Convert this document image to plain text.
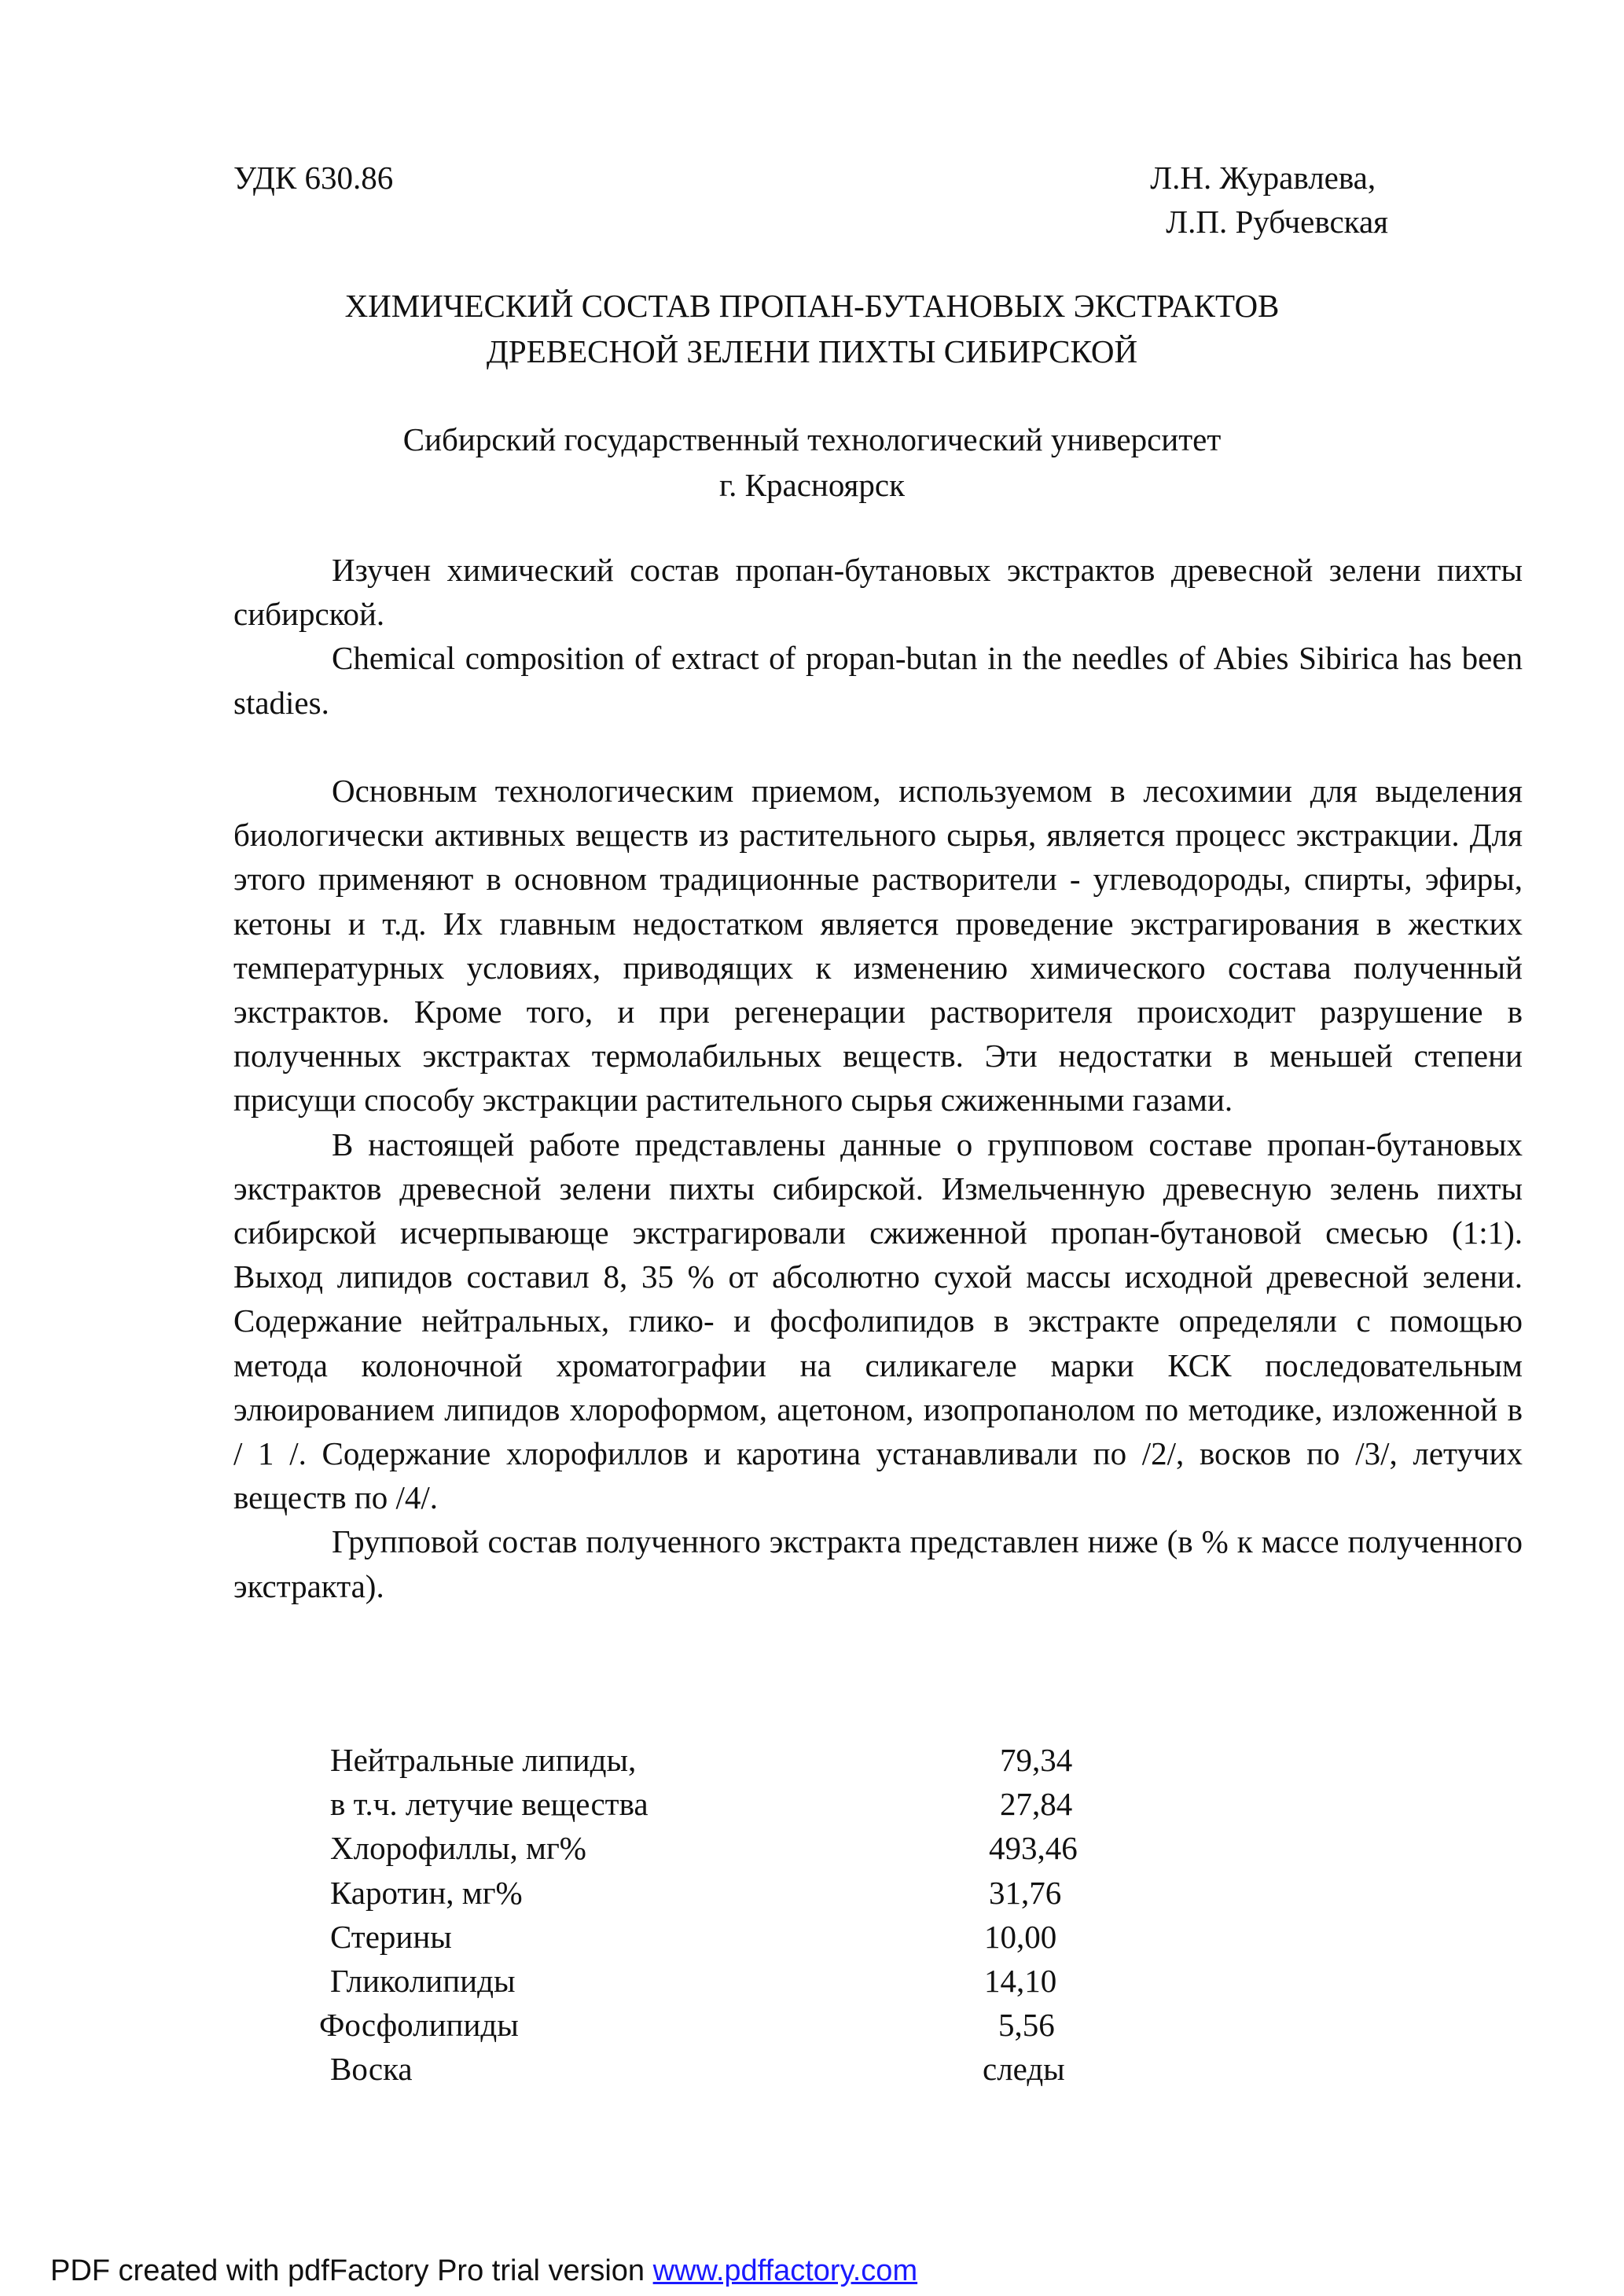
УДК 630.86	Л.Н. Журавлева,
Л.П. Рубчевская
ХИМИЧЕСКИЙ СОСТАВ ПРОПАН-БУТАНОВЫХ ЭКСТРАКТОВ
ДРЕВЕСНОЙ ЗЕЛЕНИ ПИХТЫ СИБИРСКОЙ
Сибирский государственный технологический университет
г. Красноярск

Изучен химический состав пропан-бутановых экстрактов древесной зелени пихты сибирской.

Chemical composition of extract of propan-butan in the needles of Abies Sibirica has been stadies.

Основным технологическим приемом, используемом в лесохимии для выделения биологически активных веществ из растительного сырья, является процесс экстракции. Для этого применяют в основном традиционные растворители - углеводороды, спирты, эфиры, кетоны и т.д. Их главным недостатком является проведение экстрагирования в жестких температурных условиях, приводящих к изменению химического состава полученный экстрактов. Кроме того, и при регенерации растворителя происходит разрушение в полученных экстрактах термолабильных веществ. Эти недостатки в меньшей степени присущи способу экстракции растительного сырья сжиженными газами.

В настоящей работе представлены данные о групповом составе пропан-бутановых экстрактов древесной зелени пихты сибирской. Измельченную древесную зелень пихты сибирской исчерпывающе экстрагировали сжиженной пропан-бутановой смесью (1:1). Выход липидов составил 8, 35 % от абсолютно сухой массы исходной древесной зелени. Содержание нейтральных, глико- и фосфолипидов в экстракте определяли с помощью метода колоночной хроматографии на силикагеле марки КСК последовательным элюированием липидов хлороформом, ацетоном, изопропанолом по методике, изложенной в / 1 /. Содержание хлорофиллов и каротина устанавливали по /2/, восков по /3/, летучих веществ по /4/.

Групповой состав полученного экстракта представлен ниже (в % к массе полученного экстракта).

Нейтральные липиды,	79,34
в т.ч. летучие вещества	27,84
Хлорофиллы, мг%	493,46
Каротин, мг%	31,76
Стерины	10,00
Гликолипиды	14,10
Фосфолипиды	5,56
Воска	следы
PDF created with pdfFactory Pro trial version www.pdffactory.com
